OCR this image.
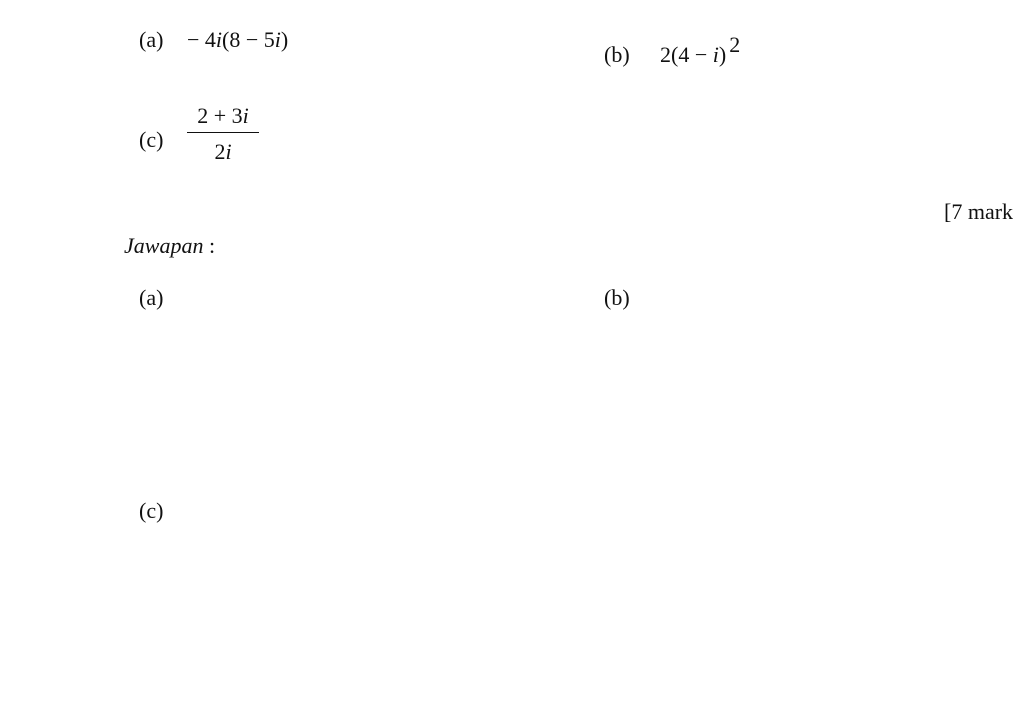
(a) − 4i(8 − 5i)
(b) 2(4 − i) 2
$(c) \frac{2 + 3i}{2i}$
[7 mark
Jawapan :
(a)	(b)
(c)
